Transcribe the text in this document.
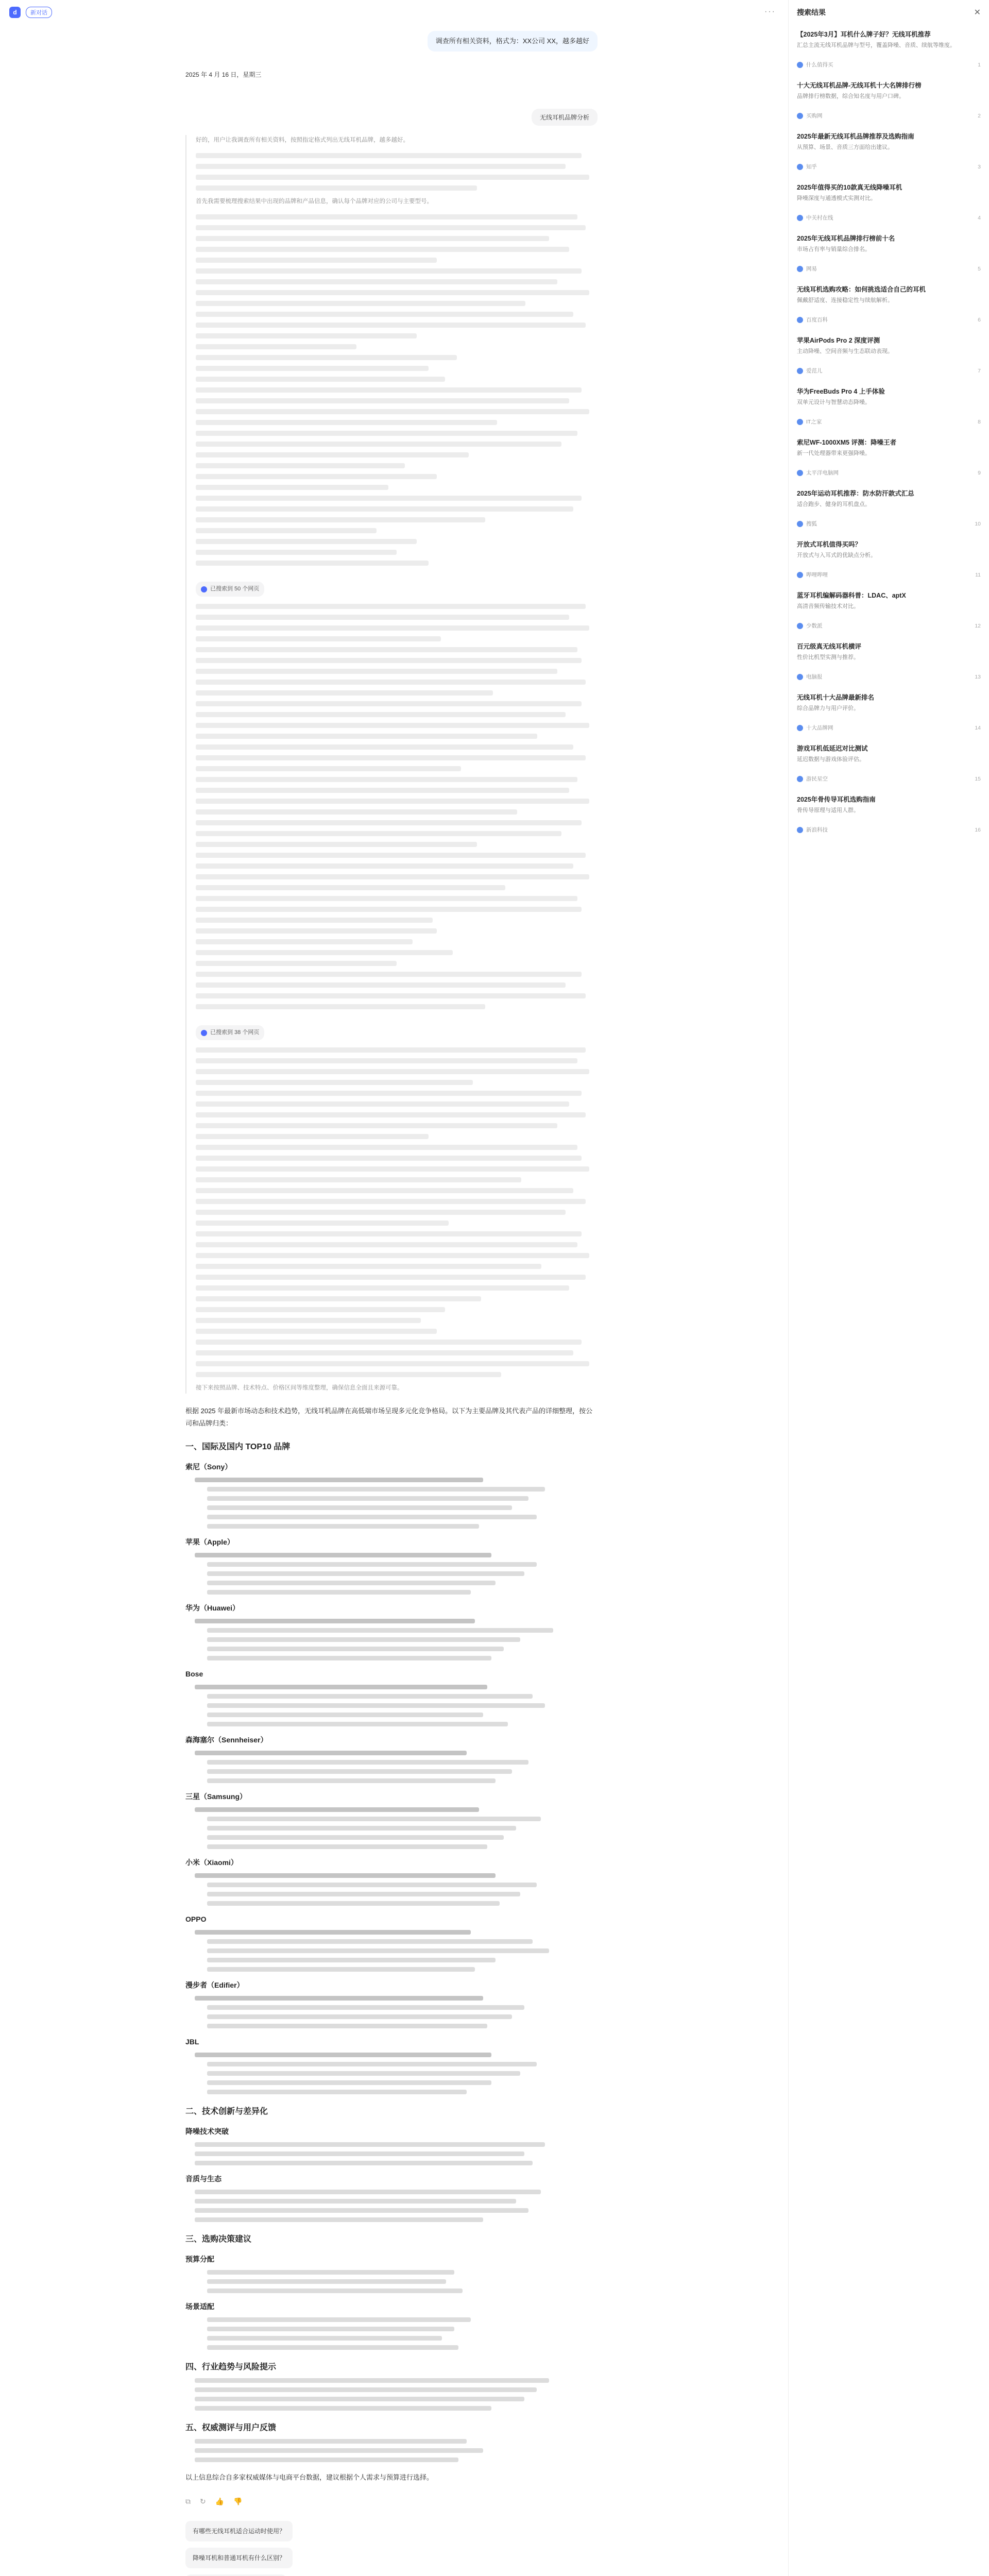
d	新对话	···
调查所有相关资料，格式为：XX公司 XX，越多越好
2025 年 4 月 16 日，星期三
无线耳机品牌分析

好的，用户让我调查所有相关资料，按照指定格式列出无线耳机品牌，越多越好。

首先我需要梳理搜索结果中出现的品牌和产品信息，确认每个品牌对应的公司与主要型号。

已搜索到 50 个网页
已搜索到 38 个网页

接下来按照品牌、技术特点、价格区间等维度整理，确保信息全面且来源可靠。

根据 2025 年最新市场动态和技术趋势，无线耳机品牌在高低端市场呈现多元化竞争格局。以下为主要品牌及其代表产品的详细整理，按公司和品牌归类：

一、国际及国内 TOP10 品牌
索尼（Sony）
苹果（Apple）
华为（Huawei）
Bose
森海塞尔（Sennheiser）
三星（Samsung）
小米（Xiaomi）
OPPO
漫步者（Edifier）
JBL
二、技术创新与差异化
降噪技术突破
音质与生态
三、选购决策建议
预算分配
场景适配
四、行业趋势与风险提示
五、权威测评与用户反馈

以上信息综合自多家权威媒体与电商平台数据，建议根据个人需求与预算进行选择。

⧉ ↻ 👍 👎
有哪些无线耳机适合运动时使用？
降噪耳机和普通耳机有什么区别？
搜索结果	✕
【2025年3月】耳机什么牌子好？无线耳机推荐
汇总主流无线耳机品牌与型号，覆盖降噪、音质、续航等维度。
什么值得买	1
十大无线耳机品牌-无线耳机十大名牌排行榜
品牌排行榜数据，综合知名度与用户口碑。
买购网	2
2025年最新无线耳机品牌推荐及选购指南
从预算、场景、音质三方面给出建议。
知乎	3
2025年值得买的10款真无线降噪耳机
降噪深度与通透模式实测对比。
中关村在线	4
2025年无线耳机品牌排行榜前十名
市场占有率与销量综合排名。
网易	5
无线耳机选购攻略：如何挑选适合自己的耳机
佩戴舒适度、连接稳定性与续航解析。
百度百科	6
苹果AirPods Pro 2 深度评测
主动降噪、空间音频与生态联动表现。
爱范儿	7
华为FreeBuds Pro 4 上手体验
双单元设计与智慧动态降噪。
IT之家	8
索尼WF-1000XM5 评测：降噪王者
新一代处理器带来更强降噪。
太平洋电脑网	9
2025年运动耳机推荐：防水防汗款式汇总
适合跑步、健身的耳机盘点。
搜狐	10
开放式耳机值得买吗？
开放式与入耳式的优缺点分析。
哔哩哔哩	11
蓝牙耳机编解码器科普：LDAC、aptX
高清音频传输技术对比。
少数派	12
百元级真无线耳机横评
性价比机型实测与推荐。
电脑报	13
无线耳机十大品牌最新排名
综合品牌力与用户评价。
十大品牌网	14
游戏耳机低延迟对比测试
延迟数据与游戏体验评估。
游民星空	15
2025年骨传导耳机选购指南
骨传导原理与适用人群。
新浪科技	16
